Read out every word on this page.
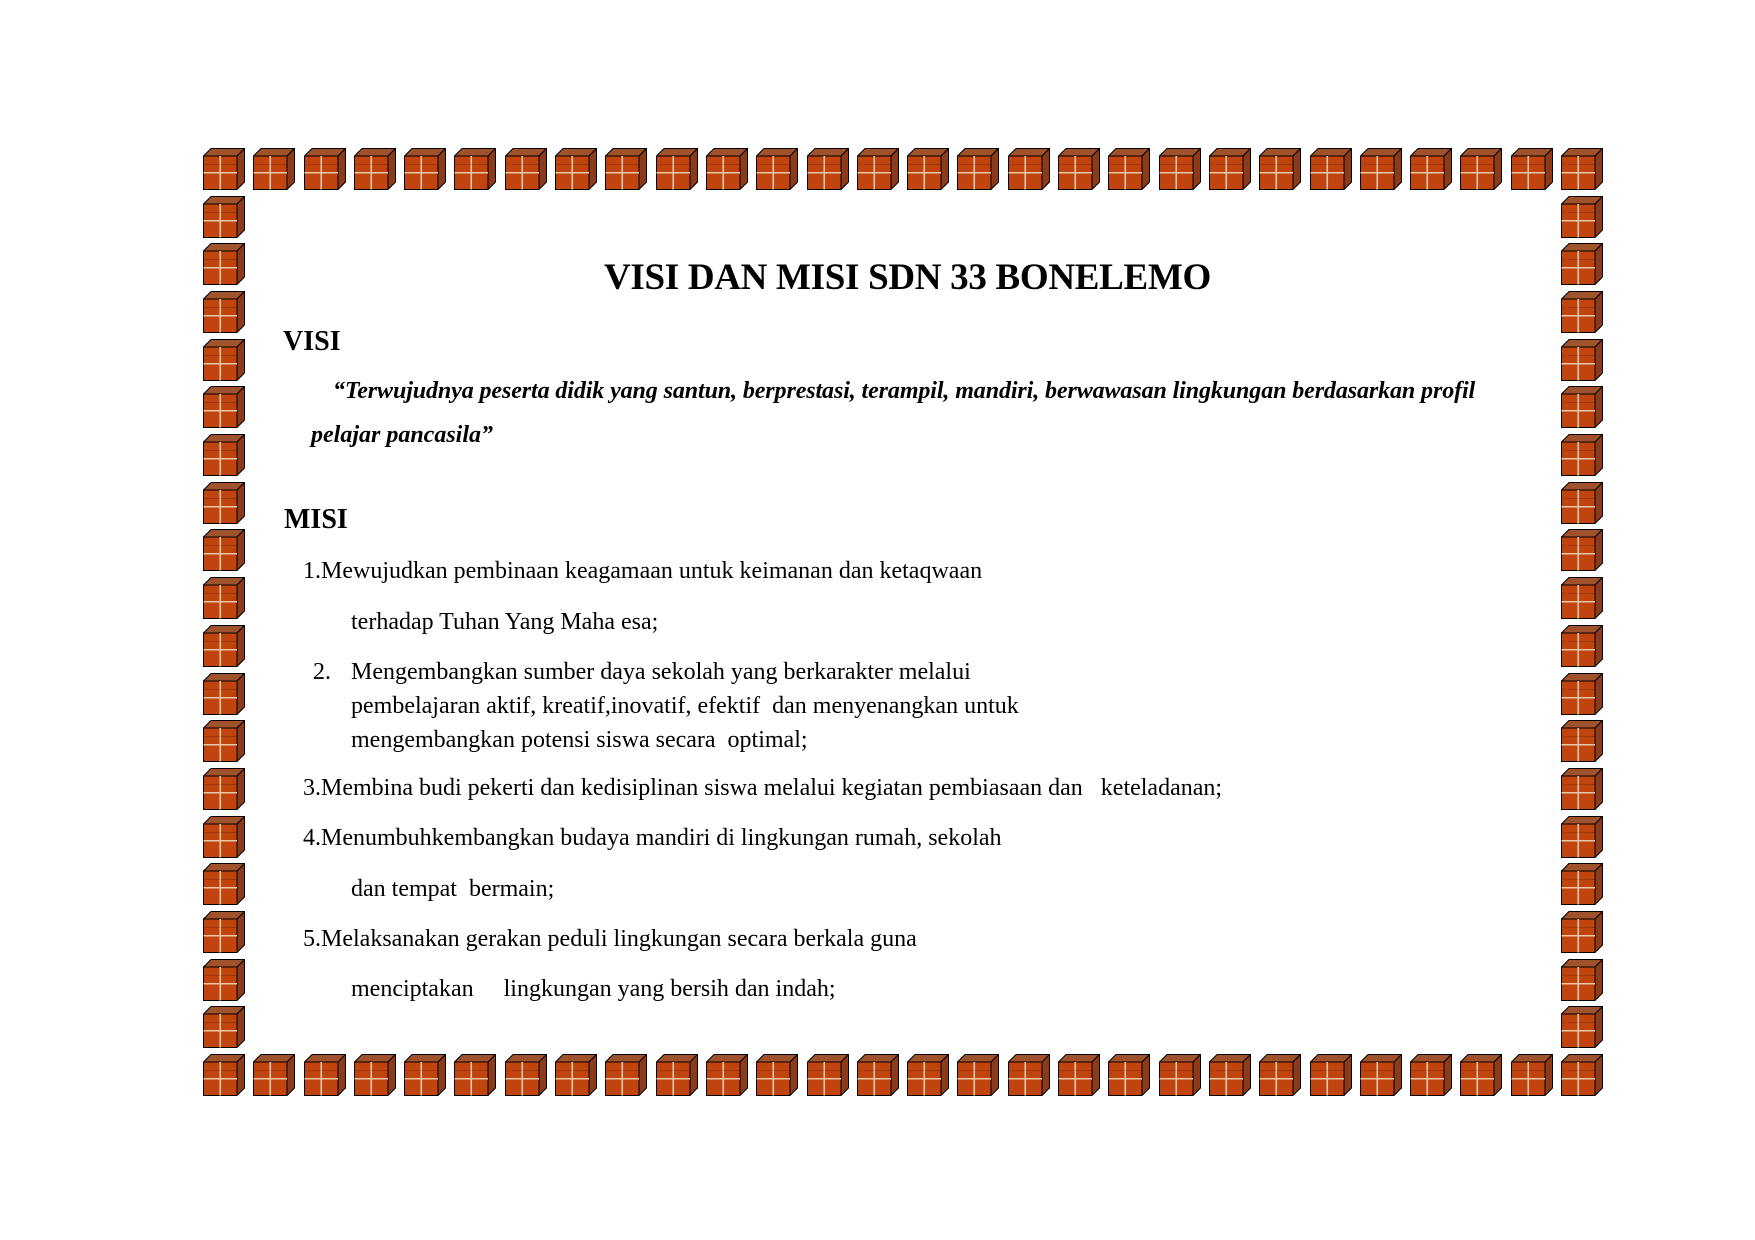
VISI DAN MISI SDN 33 BONELEMO
VISI
“Terwujudnya peserta didik yang santun, berprestasi, terampil, mandiri, berwawasan lingkungan berdasarkan profil
pelajar pancasila”
MISI
1.Mewujudkan pembinaan keagamaan untuk keimanan dan ketaqwaan
terhadap Tuhan Yang Maha esa;
2. Mengembangkan sumber daya sekolah yang berkarakter melalui
pembelajaran aktif, kreatif,inovatif, efektif  dan menyenangkan untuk
mengembangkan potensi siswa secara  optimal;
3.Membina budi pekerti dan kedisiplinan siswa melalui kegiatan pembiasaan dan   keteladanan;
4.Menumbuhkembangkan budaya mandiri di lingkungan rumah, sekolah
dan tempat  bermain;
5.Melaksanakan gerakan peduli lingkungan secara berkala guna
menciptakan     lingkungan yang bersih dan indah;
